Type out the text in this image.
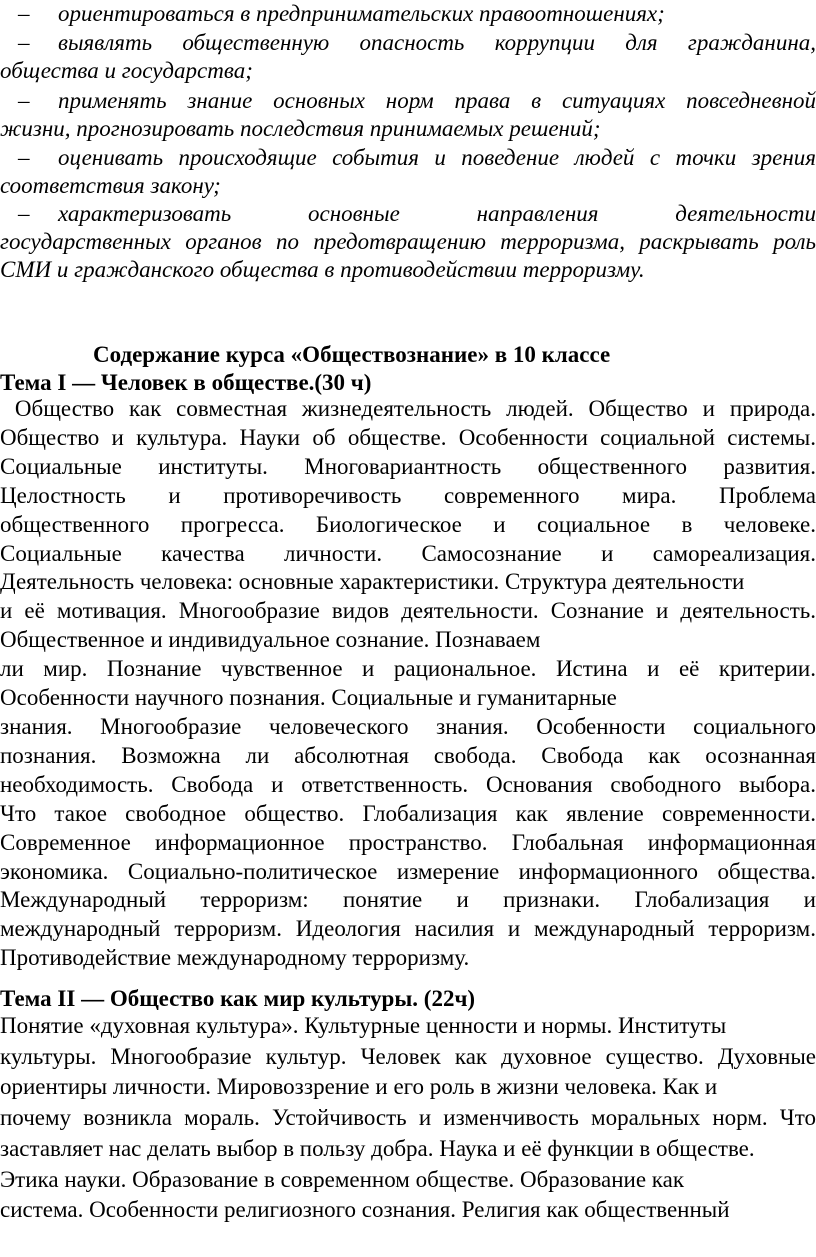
– ориентироваться в предпринимательских правоотношениях;

– выявлять общественную опасность коррупции для гражданина,
общества и государства;

– применять знание основных норм права в ситуациях повседневной
жизни, прогнозировать последствия принимаемых решений;

– оценивать происходящие события и поведение людей с точки зрения
соответствия закону;

– характеризовать основные направления деятельности
государственных органов по предотвращению терроризма, раскрывать роль
СМИ и гражданского общества в противодействии терроризму.

Содержание курса «Обществознание» в 10 классе
Тема I — Человек в обществе.(30 ч)
Общество как совместная жизнедеятельность людей. Общество и природа.
Общество и культура. Науки об обществе. Особенности социальной системы.
Социальные институты. Многовариантность общественного развития.
Целостность и противоречивость современного мира. Проблема
общественного прогресса. Биологическое и социальное в человеке.
Социальные качества личности. Самосознание и самореализация.
Деятельность человека: основные характеристики. Структура деятельности
и её мотивация. Многообразие видов деятельности. Сознание и деятельность.
Общественное и индивидуальное сознание. Познаваем
ли мир. Познание чувственное и рациональное. Истина и её критерии.
Особенности научного познания. Социальные и гуманитарные
знания. Многообразие человеческого знания. Особенности социального
познания. Возможна ли абсолютная свобода. Свобода как осознанная
необходимость. Свобода и ответственность. Основания свободного выбора.
Что такое свободное общество. Глобализация как явление современности.
Современное информационное пространство. Глобальная информационная
экономика. Социально-политическое измерение информационного общества.
Международный терроризм: понятие и признаки. Глобализация и
международный терроризм. Идеология насилия и международный терроризм.
Противодействие международному терроризму.
Тема II — Общество как мир культуры. (22ч)
Понятие «духовная культура». Культурные ценности и нормы. Институты
культуры. Многообразие культур. Человек как духовное существо. Духовные
ориентиры личности. Мировоззрение и его роль в жизни человека. Как и
почему возникла мораль. Устойчивость и изменчивость моральных норм. Что
заставляет нас делать выбор в пользу добра. Наука и её функции в обществе.
Этика науки. Образование в современном обществе. Образование как
система. Особенности религиозного сознания. Религия как общественный
